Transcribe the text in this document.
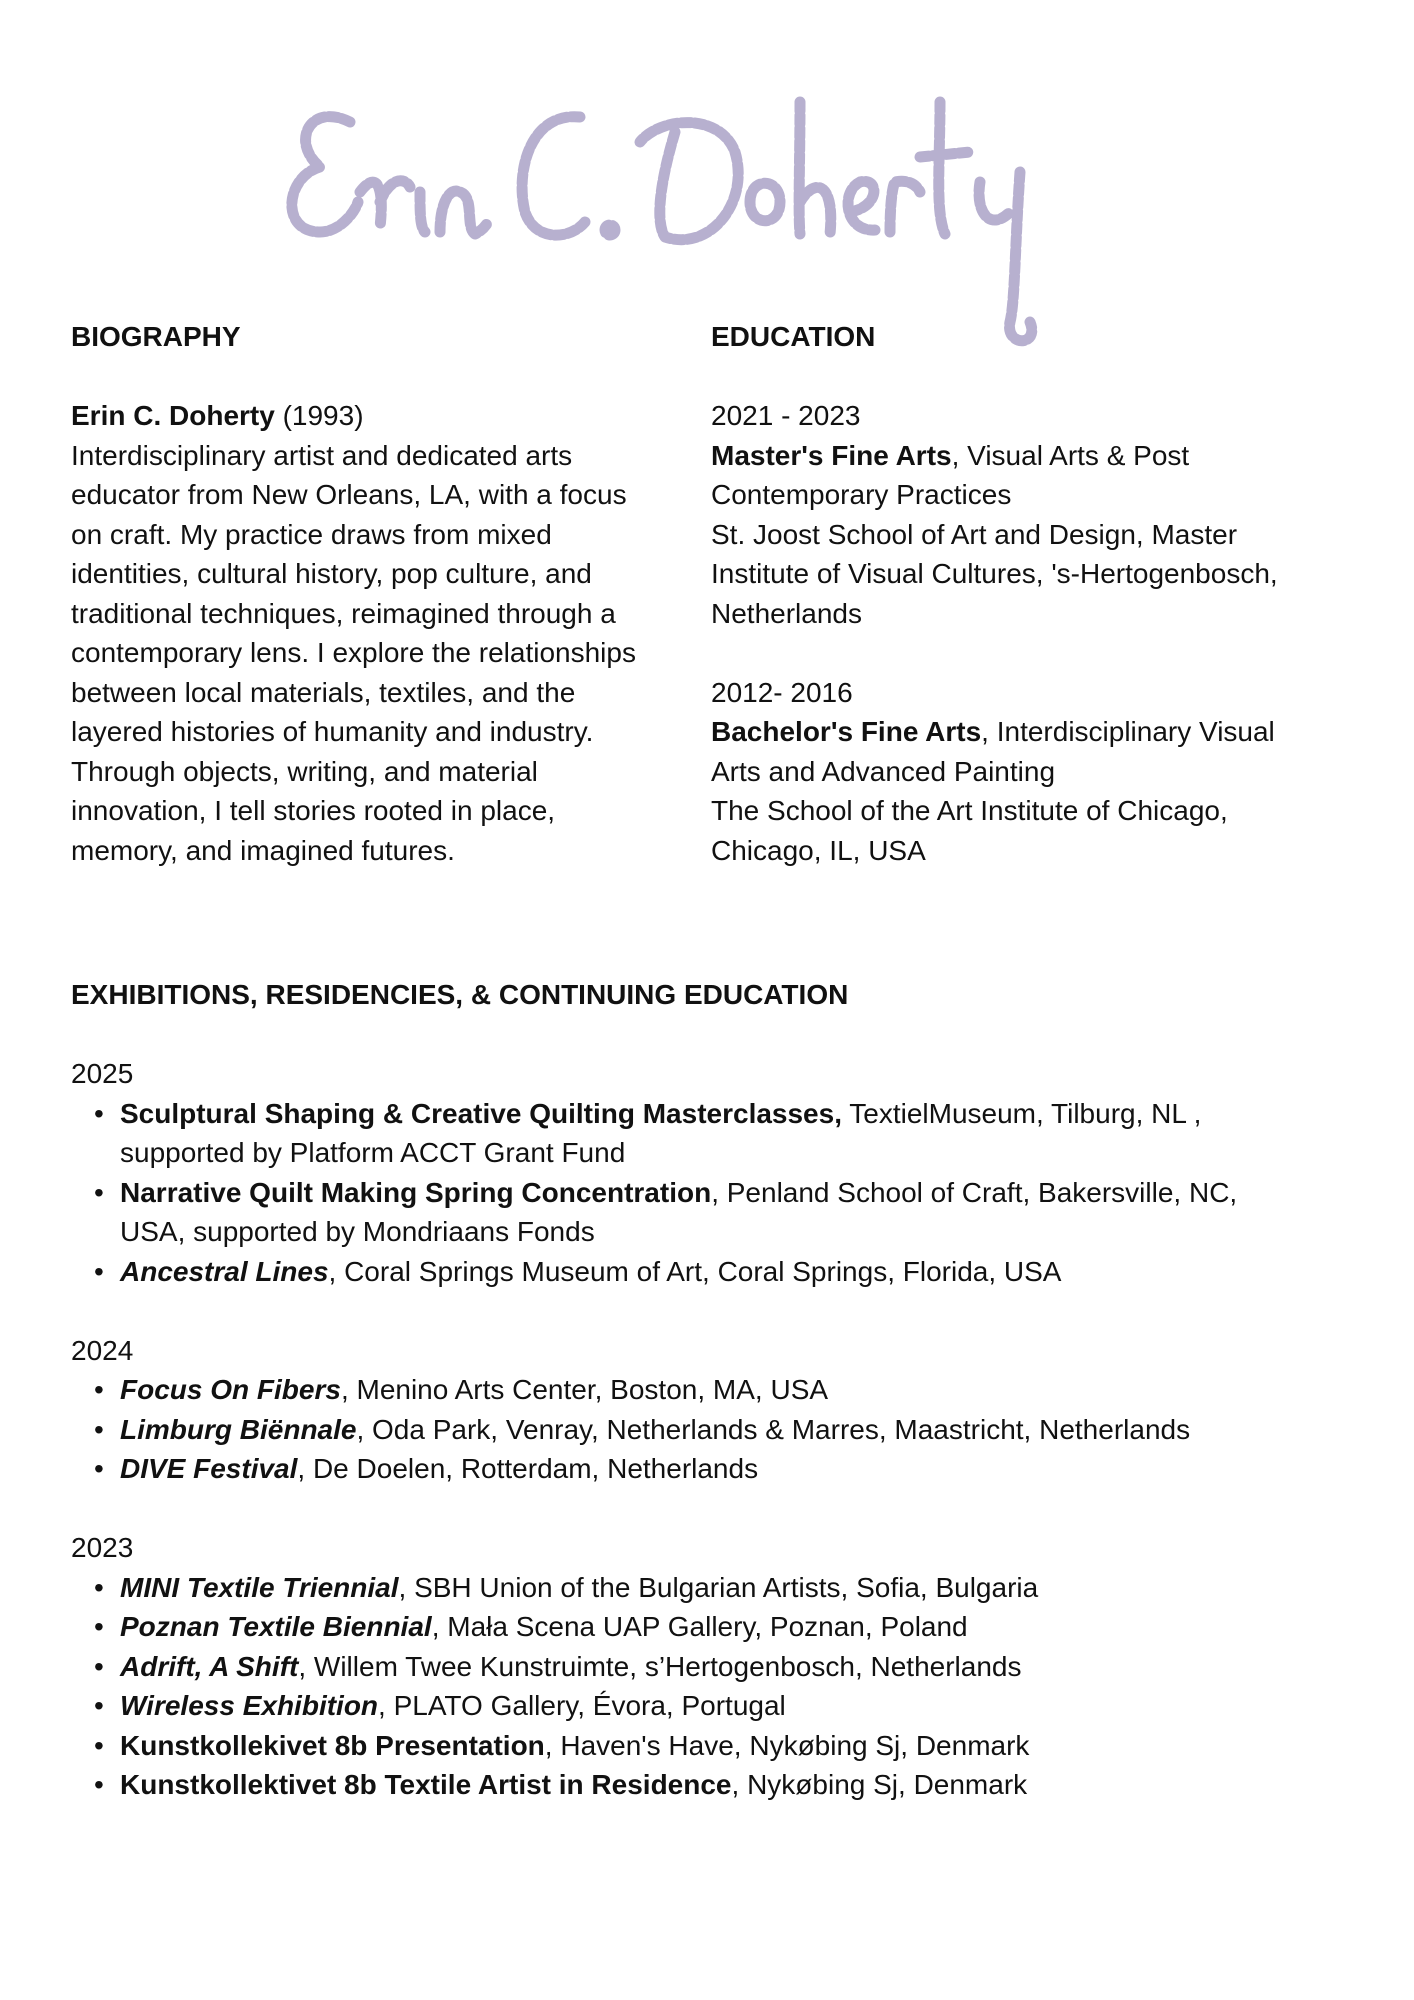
BIOGRAPHY

Erin C. Doherty (1993)

Interdisciplinary artist and dedicated arts

educator from New Orleans, LA, with a focus

on craft. My practice draws from mixed

identities, cultural history, pop culture, and

traditional techniques, reimagined through a

contemporary lens. I explore the relationships

between local materials, textiles, and the

layered histories of humanity and industry.

Through objects, writing, and material

innovation, I tell stories rooted in place,

memory, and imagined futures.

EDUCATION

2021 - 2023

Master's Fine Arts, Visual Arts & Post

Contemporary Practices

St. Joost School of Art and Design, Master

Institute of Visual Cultures, 's-Hertogenbosch,

Netherlands

2012- 2016

Bachelor's Fine Arts, Interdisciplinary Visual

Arts and Advanced Painting

The School of the Art Institute of Chicago,

Chicago, IL, USA

EXHIBITIONS, RESIDENCIES, & CONTINUING EDUCATION

2025

• Sculptural Shaping & Creative Quilting Masterclasses, TextielMuseum, Tilburg, NL ,
supported by Platform ACCT Grant Fund
• Narrative Quilt Making Spring Concentration, Penland School of Craft, Bakersville, NC,
USA, supported by Mondriaans Fonds
• Ancestral Lines, Coral Springs Museum of Art, Coral Springs, Florida, USA

2024

• Focus On Fibers, Menino Arts Center, Boston, MA, USA
• Limburg Biënnale, Oda Park, Venray, Netherlands & Marres, Maastricht, Netherlands
• DIVE Festival, De Doelen, Rotterdam, Netherlands

2023

• MINI Textile Triennial, SBH Union of the Bulgarian Artists, Sofia, Bulgaria
• Poznan Textile Biennial, Mała Scena UAP Gallery, Poznan, Poland
• Adrift, A Shift, Willem Twee Kunstruimte, s’Hertogenbosch, Netherlands
• Wireless Exhibition, PLATO Gallery, Évora, Portugal
• Kunstkollekivet 8b Presentation, Haven's Have, Nykøbing Sj, Denmark
• Kunstkollektivet 8b Textile Artist in Residence, Nykøbing Sj, Denmark
